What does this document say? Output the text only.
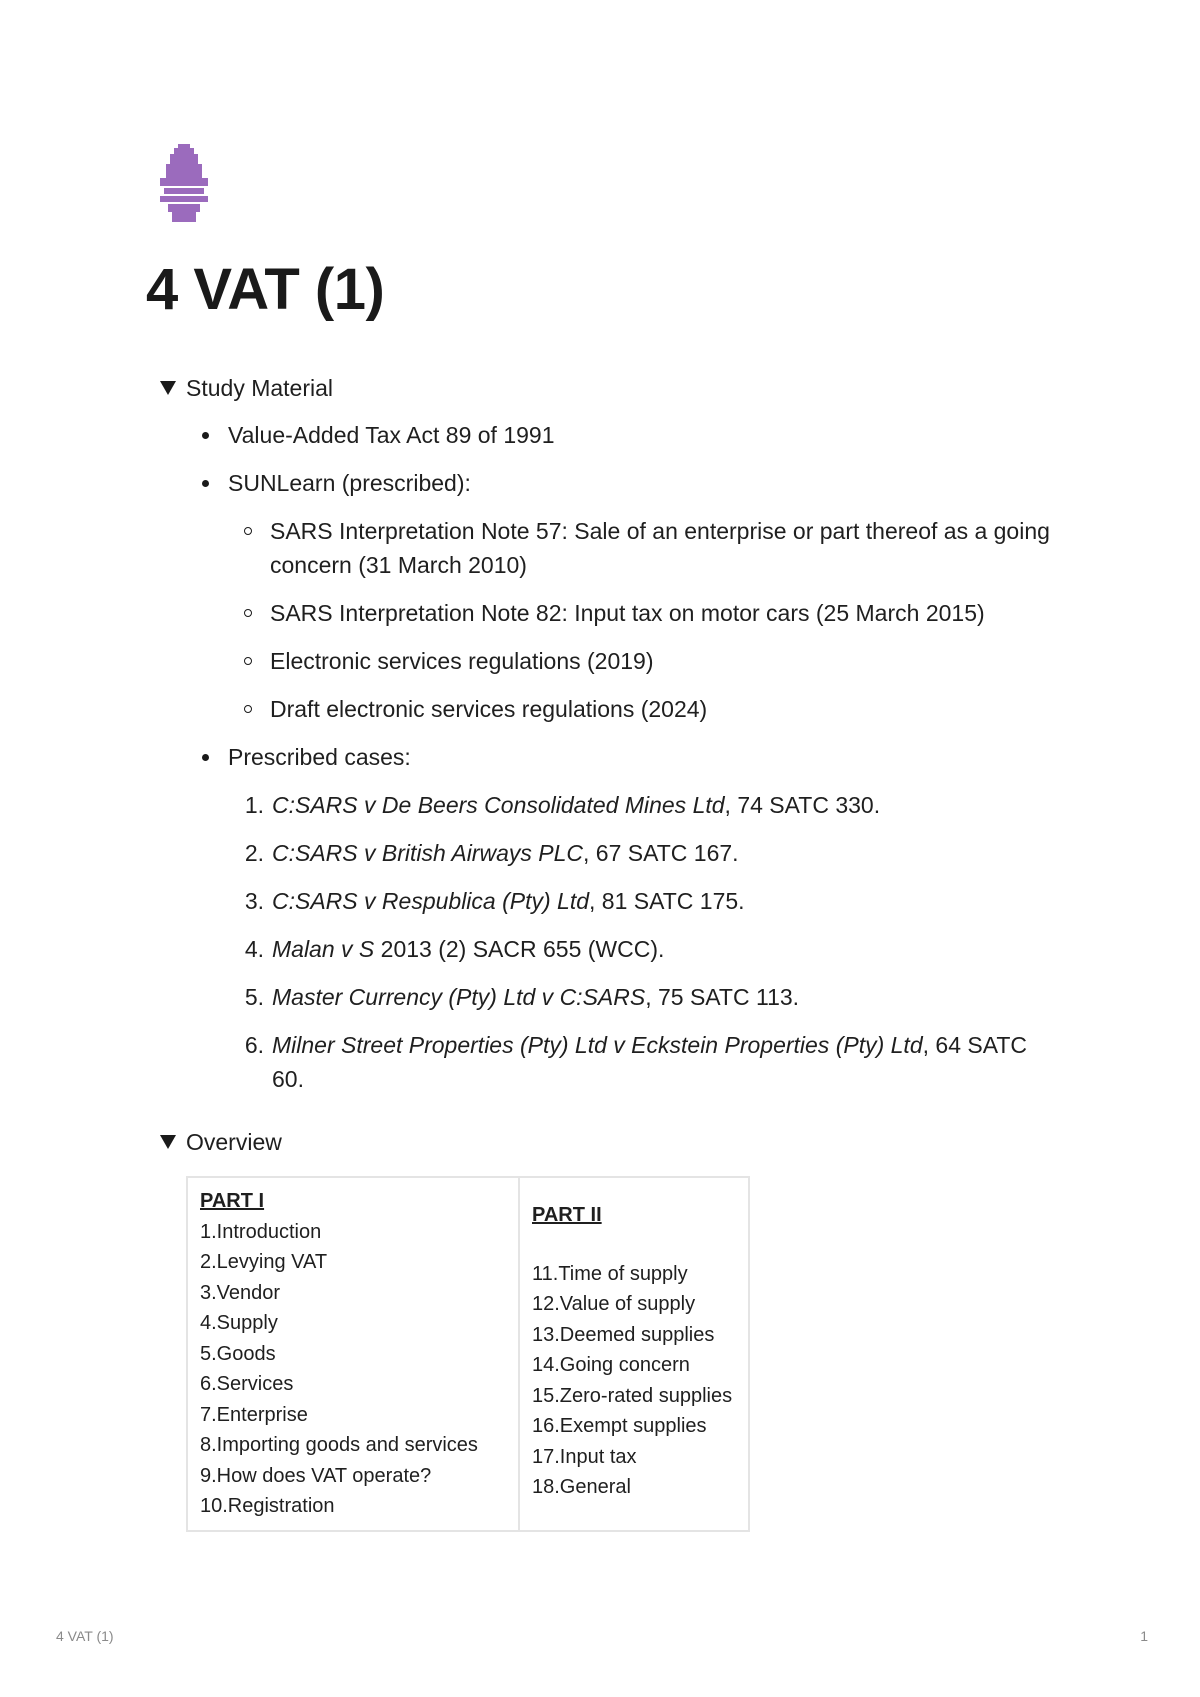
4 VAT (1)
Study Material
Value-Added Tax Act 89 of 1991
SUNLearn (prescribed):
SARS Interpretation Note 57: Sale of an enterprise or part thereof as a going concern (31 March 2010)
SARS Interpretation Note 82: Input tax on motor cars (25 March 2015)
Electronic services regulations (2019)
Draft electronic services regulations (2024)
Prescribed cases:
1. C:SARS v De Beers Consolidated Mines Ltd, 74 SATC 330.
2. C:SARS v British Airways PLC, 67 SATC 167.
3. C:SARS v Respublica (Pty) Ltd, 81 SATC 175.
4. Malan v S 2013 (2) SACR 655 (WCC).
5. Master Currency (Pty) Ltd v C:SARS, 75 SATC 113.
6. Milner Street Properties (Pty) Ltd v Eckstein Properties (Pty) Ltd, 64 SATC 60.
Overview
PART I
1.Introduction
2.Levying VAT
3.Vendor
4.Supply
5.Goods
6.Services
7.Enterprise
8.Importing goods and services
9.How does VAT operate?
10.Registration

PART II
11.Time of supply
12.Value of supply
13.Deemed supplies
14.Going concern
15.Zero-rated supplies
16.Exempt supplies
17.Input tax
18.General
4 VAT (1)	1
